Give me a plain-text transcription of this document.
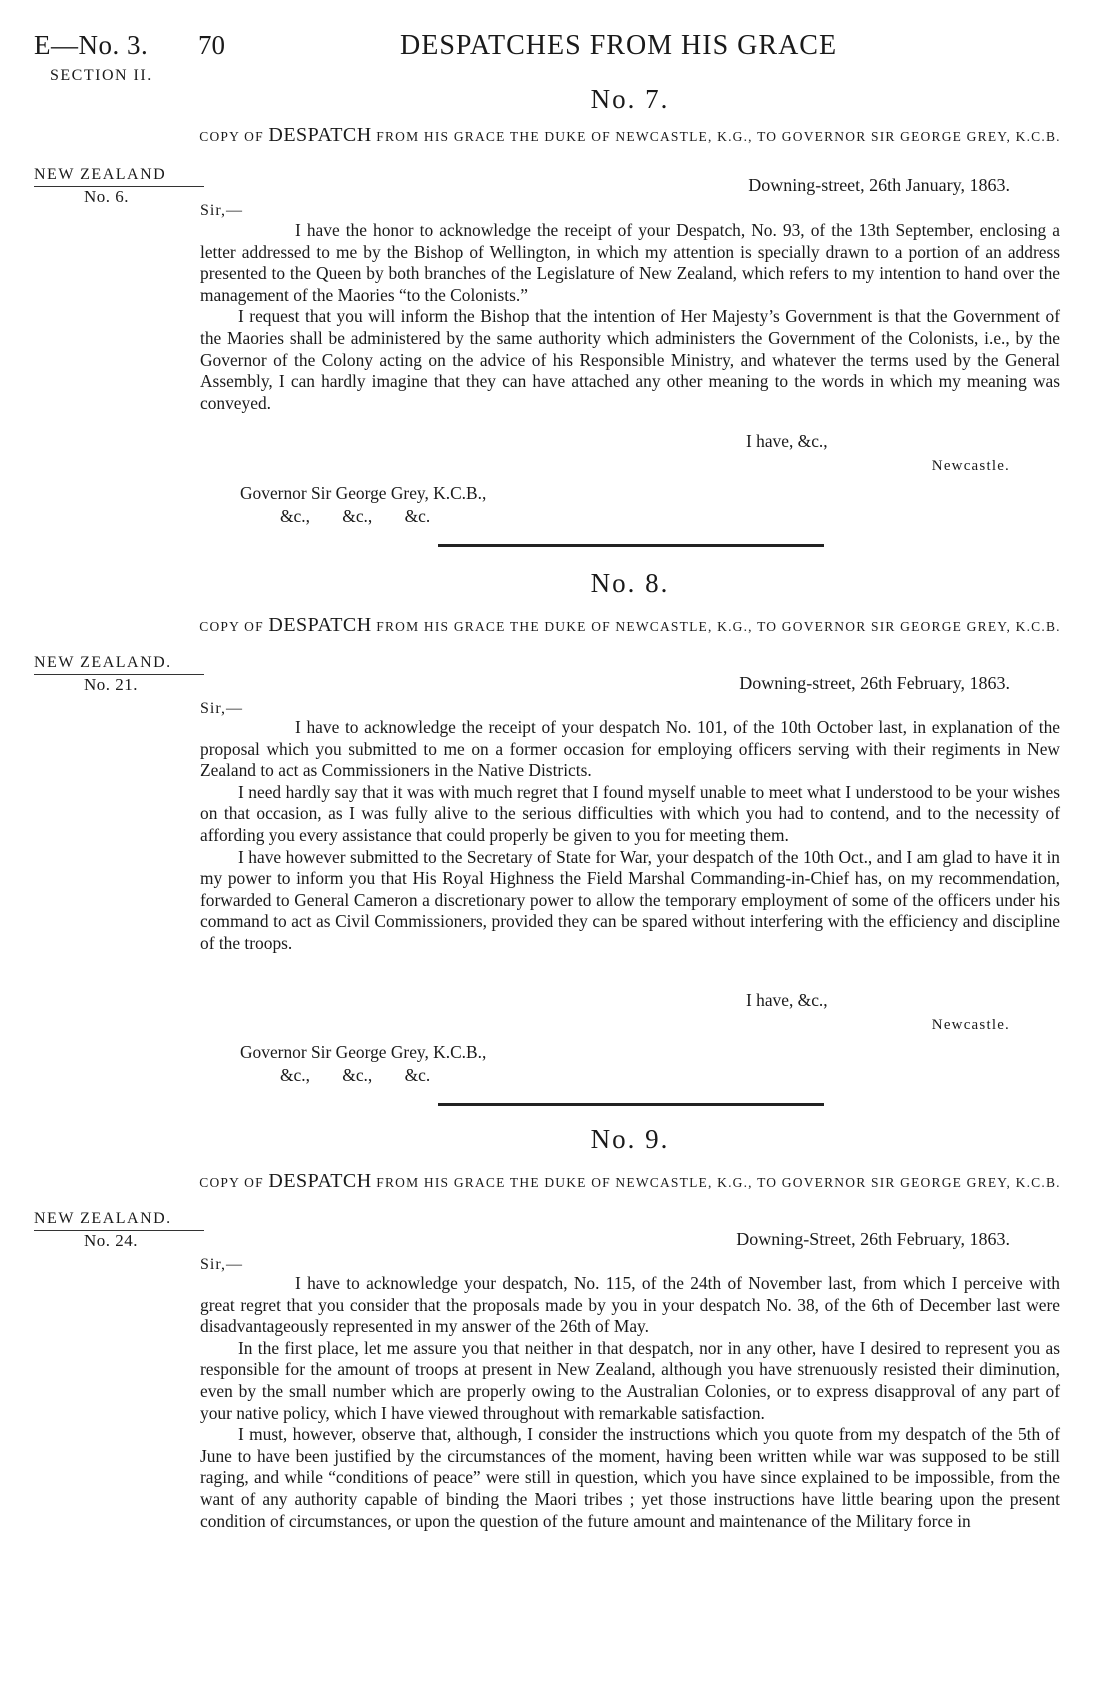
E—No. 3.
SECTION II.
70	DESPATCHES FROM HIS GRACE
No. 7.
COPY OF DESPATCH FROM HIS GRACE THE DUKE OF NEWCASTLE, K.G., TO GOVERNOR SIR GEORGE GREY, K.C.B.
NEW ZEALAND
No. 6.
Downing-street, 26th January, 1863.
Sir,—

I have the honor to acknowledge the receipt of your Despatch, No. 93, of the 13th September, enclosing a letter addressed to me by the Bishop of Wellington, in which my attention is specially drawn to a portion of an address presented to the Queen by both branches of the Legislature of New Zealand, which refers to my intention to hand over the management of the Maories “to the Colonists.”

I request that you will inform the Bishop that the intention of Her Majesty’s Government is that the Government of the Maories shall be administered by the same authority which administers the Government of the Colonists, i.e., by the Governor of the Colony acting on the advice of his Responsible Ministry, and whatever the terms used by the General Assembly, I can hardly imagine that they can have attached any other meaning to the words in which my meaning was conveyed.

I have, &c.,
Newcastle.
Governor Sir George Grey, K.C.B.,
&c., &c., &c.
No. 8.
COPY OF DESPATCH FROM HIS GRACE THE DUKE OF NEWCASTLE, K.G., TO GOVERNOR SIR GEORGE GREY, K.C.B.
NEW ZEALAND.
No. 21.	Downing-street, 26th February, 1863.
Sir,—

I have to acknowledge the receipt of your despatch No. 101, of the 10th October last, in explanation of the proposal which you submitted to me on a former occasion for employing officers serving with their regiments in New Zealand to act as Commissioners in the Native Districts.

I need hardly say that it was with much regret that I found myself unable to meet what I understood to be your wishes on that occasion, as I was fully alive to the serious difficulties with which you had to contend, and to the necessity of affording you every assistance that could properly be given to you for meeting them.

I have however submitted to the Secretary of State for War, your despatch of the 10th Oct., and I am glad to have it in my power to inform you that His Royal Highness the Field Marshal Commanding-in-Chief has, on my recommendation, forwarded to General Cameron a discretionary power to allow the temporary employment of some of the officers under his command to act as Civil Commissioners, provided they can be spared without interfering with the efficiency and discipline of the troops.

I have, &c.,
Newcastle.
Governor Sir George Grey, K.C.B.,
&c., &c., &c.
No. 9.
COPY OF DESPATCH FROM HIS GRACE THE DUKE OF NEWCASTLE, K.G., TO GOVERNOR SIR GEORGE GREY, K.C.B.
NEW ZEALAND.
No. 24.	Downing-Street, 26th February, 1863.
Sir,—

I have to acknowledge your despatch, No. 115, of the 24th of November last, from which I perceive with great regret that you consider that the proposals made by you in your despatch No. 38, of the 6th of December last were disadvantageously represented in my answer of the 26th of May.

In the first place, let me assure you that neither in that despatch, nor in any other, have I desired to represent you as responsible for the amount of troops at present in New Zealand, although you have strenuously resisted their diminution, even by the small number which are properly owing to the Australian Colonies, or to express disapproval of any part of your native policy, which I have viewed throughout with remarkable satisfaction.

I must, however, observe that, although, I consider the instructions which you quote from my despatch of the 5th of June to have been justified by the circumstances of the moment, having been written while war was supposed to be still raging, and while “conditions of peace” were still in question, which you have since explained to be impossible, from the want of any authority capable of binding the Maori tribes ; yet those instructions have little bearing upon the present condition of circumstances, or upon the question of the future amount and maintenance of the Military force in
